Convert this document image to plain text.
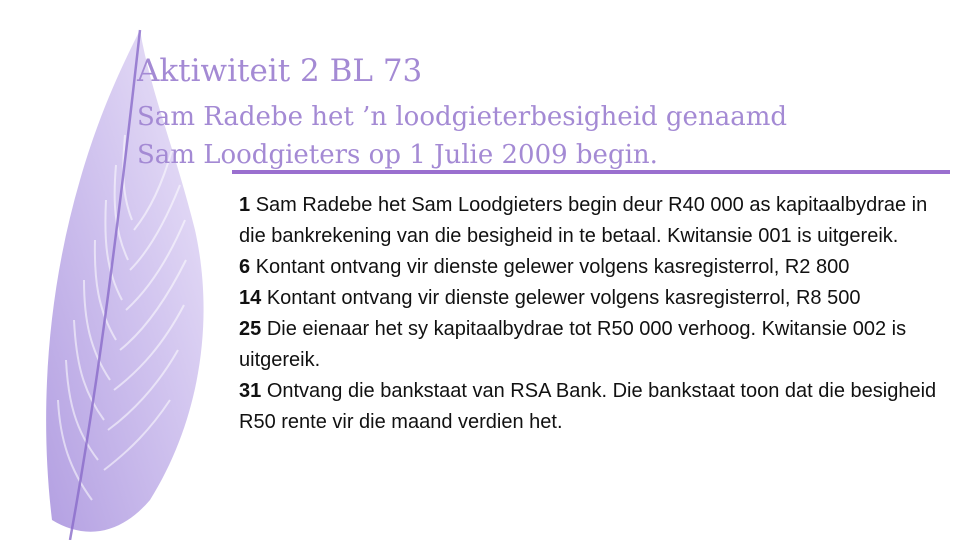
Aktiwiteit 2 BL 73
Sam Radebe het ’n loodgieterbesigheid genaamd
Sam Loodgieters op 1 Julie 2009 begin.
1 Sam Radebe het Sam Loodgieters begin deur R40 000 as kapitaalbydrae in die bankrekening van die besigheid in te betaal. Kwitansie 001 is uitgereik.
6 Kontant ontvang vir dienste gelewer volgens kasregisterrol, R2 800
14 Kontant ontvang vir dienste gelewer volgens kasregisterrol, R8 500
25 Die eienaar het sy kapitaalbydrae tot R50 000 verhoog. Kwitansie 002 is uitgereik.
31 Ontvang die bankstaat van RSA Bank. Die bankstaat toon dat die besigheid R50 rente vir die maand verdien het.
